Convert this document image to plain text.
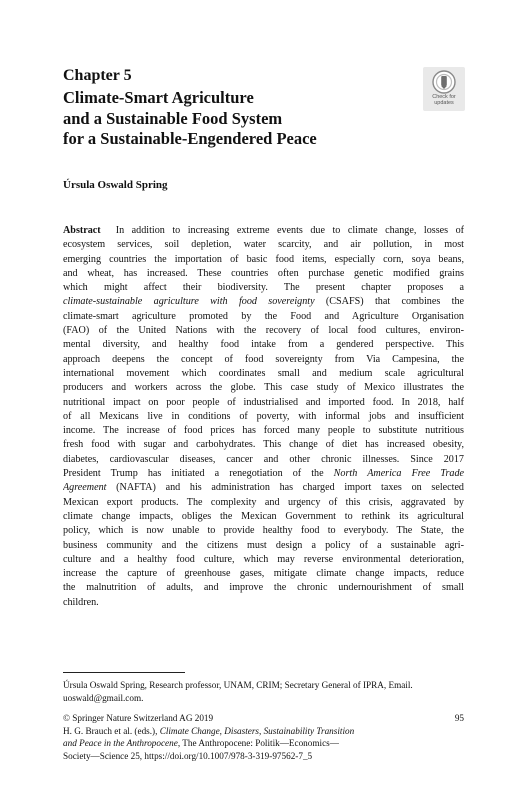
Chapter 5
Climate-Smart Agriculture
and a Sustainable Food System
for a Sustainable-Engendered Peace
Check for
updates
Úrsula Oswald Spring
Abstract In addition to increasing extreme events due to climate change, losses of
ecosystem services, soil depletion, water scarcity, and air pollution, in most
emerging countries the importation of basic food items, especially corn, soya beans,
and wheat, has increased. These countries often purchase genetic modified grains
which might affect their biodiversity. The present chapter proposes a
climate-sustainable agriculture with food sovereignty (CSAFS) that combines the
climate-smart agriculture promoted by the Food and Agriculture Organisation
(FAO) of the United Nations with the recovery of local food cultures, environ-
mental diversity, and healthy food intake from a gendered perspective. This
approach deepens the concept of food sovereignty from Via Campesina, the
international movement which coordinates small and medium scale agricultural
producers and workers across the globe. This case study of Mexico illustrates the
nutritional impact on poor people of industrialised and imported food. In 2018, half
of all Mexicans live in conditions of poverty, with informal jobs and insufficient
income. The increase of food prices has forced many people to substitute nutritious
fresh food with sugar and carbohydrates. This change of diet has increased obesity,
diabetes, cardiovascular diseases, cancer and other chronic illnesses. Since 2017
President Trump has initiated a renegotiation of the North America Free Trade
Agreement (NAFTA) and his administration has charged import taxes on selected
Mexican export products. The complexity and urgency of this crisis, aggravated by
climate change impacts, obliges the Mexican Government to rethink its agricultural
policy, which is now unable to provide healthy food to everybody. The State, the
business community and the citizens must design a policy of a sustainable agri-
culture and a healthy food culture, which may reverse environmental deterioration,
increase the capture of greenhouse gases, mitigate climate change impacts, reduce
the malnutrition of adults, and improve the chronic undernourishment of small
children.
Úrsula Oswald Spring, Research professor, UNAM, CRIM; Secretary General of IPRA, Email.
uoswald@gmail.com.
© Springer Nature Switzerland AG 2019
H. G. Brauch et al. (eds.), Climate Change, Disasters, Sustainability Transition
and Peace in the Anthropocene, The Anthropocene: Politik—Economics—
Society—Science 25, https://doi.org/10.1007/978-3-319-97562-7_5
95
